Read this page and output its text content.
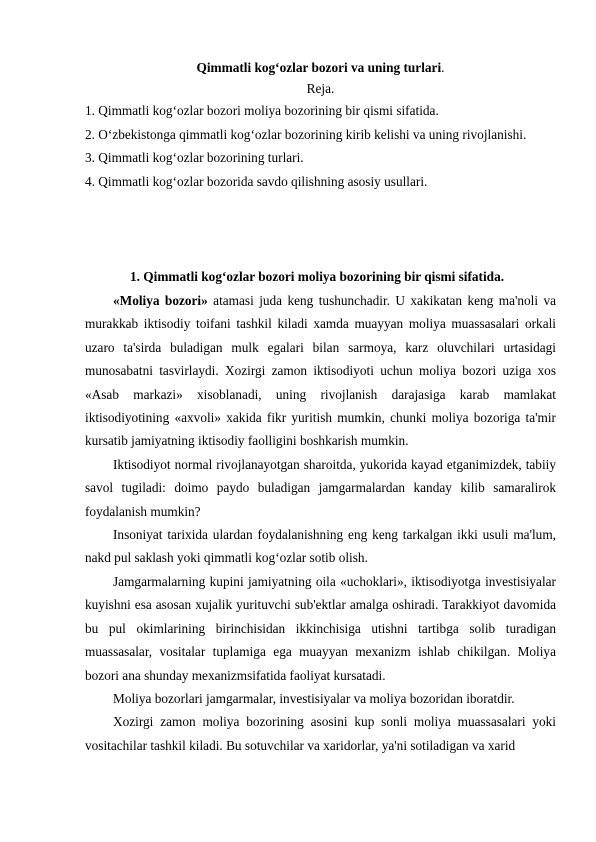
Qimmatli kog‘ozlar bozori va uning turlari.

Reja.

1. Qimmatli kog‘ozlar bozori moliya bozorining bir qismi sifatida.
2. O‘zbekistonga qimmatli kog‘ozlar bozorining kirib kelishi va uning rivojlanishi.
3. Qimmatli kog‘ozlar bozorining turlari.
4. Qimmatli kog‘ozlar bozorida savdo qilishning asosiy usullari.

1. Qimmatli kog‘ozlar bozori moliya bozorining bir qismi sifatida.

«Moliya bozori» atamasi juda keng tushunchadir. U xakikatan keng ma'noli va murakkab iktisodiy toifani tashkil kiladi xamda muayyan moliya muassasalari orkali uzaro ta'sirda buladigan mulk egalari bilan sarmoya, karz oluvchilari urtasidagi munosabatni tasvirlaydi. Xozirgi zamon iktisodiyoti uchun moliya bozori uziga xos «Asab markazi» xisoblanadi, uning rivojlanish darajasiga karab mamlakat iktisodiyotining «axvoli» xakida fikr yuritish mumkin, chunki moliya bozoriga ta'mir kursatib jamiyatning iktisodiy faolligini boshkarish mumkin.

Iktisodiyot normal rivojlanayotgan sharoitda, yukorida kayad etganimizdek, tabiiy savol tugiladi: doimo paydo buladigan jamgarmalardan kanday kilib samaralirok foydalanish mumkin?

Insoniyat tarixida ulardan foydalanishning eng keng tarkalgan ikki usuli ma'lum, nakd pul saklash yoki qimmatli kog‘ozlar sotib olish.

Jamgarmalarning kupini jamiyatning oila «uchoklari», iktisodiyotga investisiyalar kuyishni esa asosan xujalik yurituvchi sub'ektlar amalga oshiradi. Tarakkiyot davomida bu pul okimlarining birinchisidan ikkinchisiga utishni tartibga solib turadigan muassasalar, vositalar tuplamiga ega muayyan mexanizm ishlab chikilgan. Moliya bozori ana shunday mexanizmsifatida faoliyat kursatadi.

Moliya bozorlari jamgarmalar, investisiyalar va moliya bozoridan iboratdir.

Xozirgi zamon moliya bozorining asosini kup sonli moliya muassasalari yoki vositachilar tashkil kiladi. Bu sotuvchilar va xaridorlar, ya'ni sotiladigan va xarid
